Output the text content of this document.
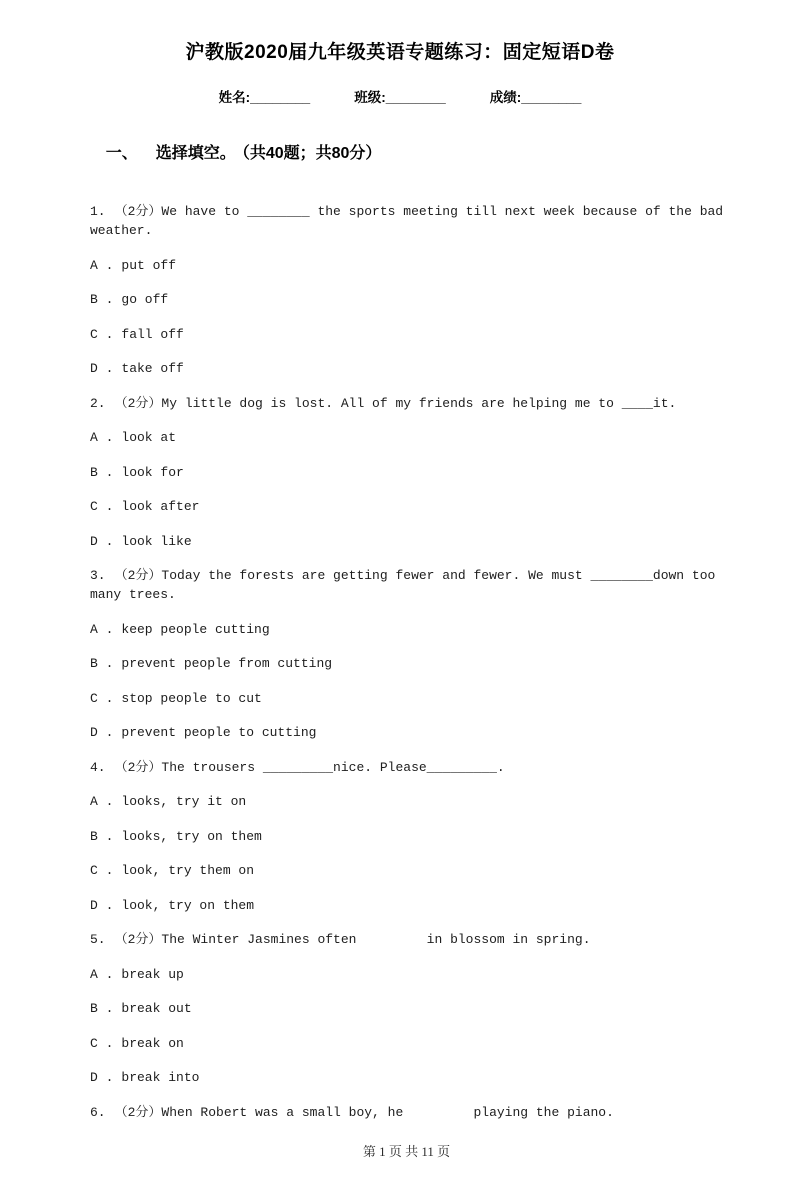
沪教版2020届九年级英语专题练习：固定短语D卷
姓名:________	班级:________	成绩:________

一、 选择填空。 （共40题；共80分）

1. （2分）We have to ________ the sports meeting till next week because of the bad weather.
A . put off
B . go off
C . fall off
D . take off
2. （2分）My little dog is lost. All of my friends are helping me to ____it.
A . look at
B . look for
C . look after
D . look like
3. （2分）Today the forests are getting fewer and fewer. We must ________down too many trees.
A . keep people cutting
B . prevent people from cutting
C . stop people to cut
D . prevent people to cutting
4. （2分）The trousers _________nice. Please_________.
A . looks, try it on
B . looks, try on them
C . look, try them on
D . look, try on them
5. （2分）The Winter Jasmines often         in blossom in spring.
A . break up
B . break out
C . break on
D . break into
6. （2分）When Robert was a small boy, he         playing the piano.

第 1 页 共 11 页
